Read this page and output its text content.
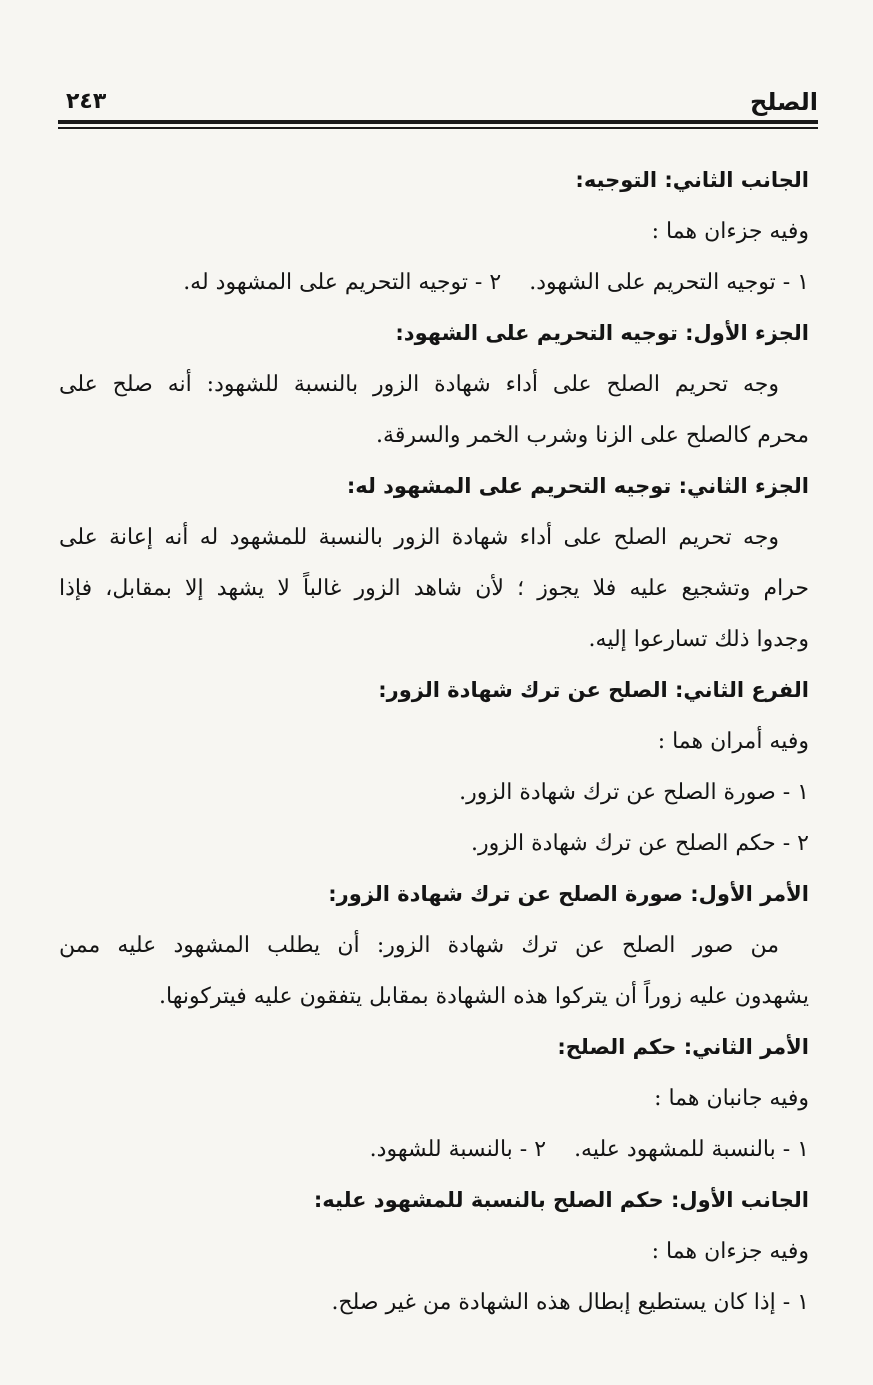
الصلح
٢٤٣
الجانب الثاني: التوجيه:
وفيه جزءان هما :
١ - توجيه التحريم على الشهود.
٢ - توجيه التحريم على المشهود له.
الجزء الأول: توجيه التحريم على الشهود:
وجه تحريم الصلح على أداء شهادة الزور بالنسبة للشهود: أنه صلح على
محرم كالصلح على الزنا وشرب الخمر والسرقة.
الجزء الثاني: توجيه التحريم على المشهود له:
وجه تحريم الصلح على أداء شهادة الزور بالنسبة للمشهود له أنه إعانة على
حرام وتشجيع عليه فلا يجوز ؛ لأن شاهد الزور غالباً لا يشهد إلا بمقابل، فإذا
وجدوا ذلك تسارعوا إليه.
الفرع الثاني: الصلح عن ترك شهادة الزور:
وفيه أمران هما :
١ - صورة الصلح عن ترك شهادة الزور.
٢ - حكم الصلح عن ترك شهادة الزور.
الأمر الأول: صورة الصلح عن ترك شهادة الزور:
من صور الصلح عن ترك شهادة الزور: أن يطلب المشهود عليه ممن
يشهدون عليه زوراً أن يتركوا هذه الشهادة بمقابل يتفقون عليه فيتركونها.
الأمر الثاني: حكم الصلح:
وفيه جانبان هما :
١ - بالنسبة للمشهود عليه.
٢ - بالنسبة للشهود.
الجانب الأول: حكم الصلح بالنسبة للمشهود عليه:
وفيه جزءان هما :
١ - إذا كان يستطيع إبطال هذه الشهادة من غير صلح.
